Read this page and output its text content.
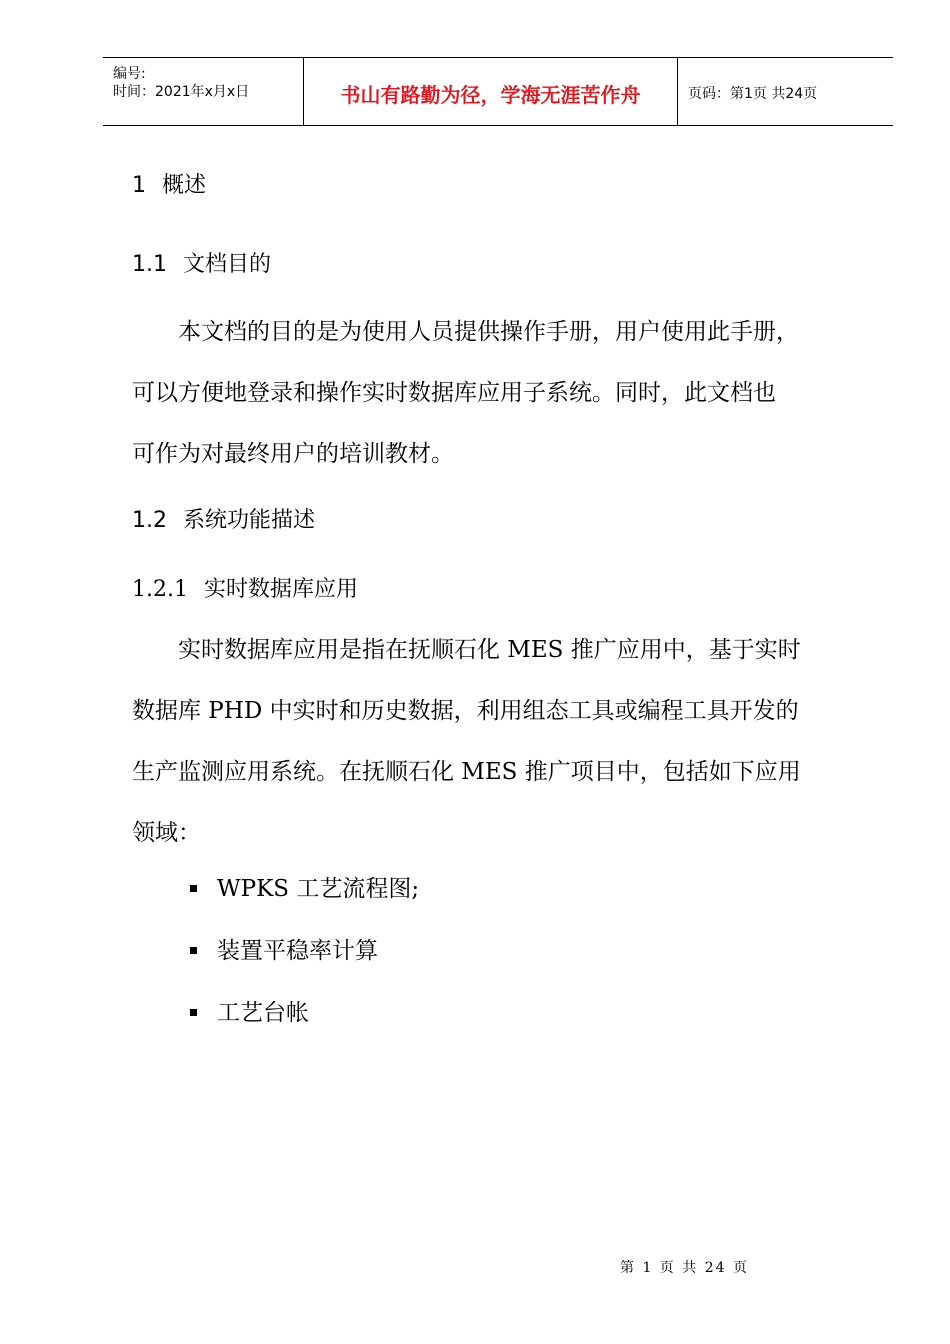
编号:
时间：2021年x月x日	书山有路勤为径，学海无涯苦作舟	页码：第1页 共24页
1 概述
1.1 文档目的
本文档的目的是为使用人员提供操作手册，用户使用此手册，
可以方便地登录和操作实时数据库应用子系统。同时，此文档也
可作为对最终用户的培训教材。
1.2 系统功能描述
1.2.1 实时数据库应用
实时数据库应用是指在抚顺石化 MES 推广应用中，基于实时
数据库 PHD 中实时和历史数据，利用组态工具或编程工具开发的
生产监测应用系统。在抚顺石化 MES 推广项目中，包括如下应用
领域：
WPKS 工艺流程图;
装置平稳率计算
工艺台帐
第 1 页 共 24 页
